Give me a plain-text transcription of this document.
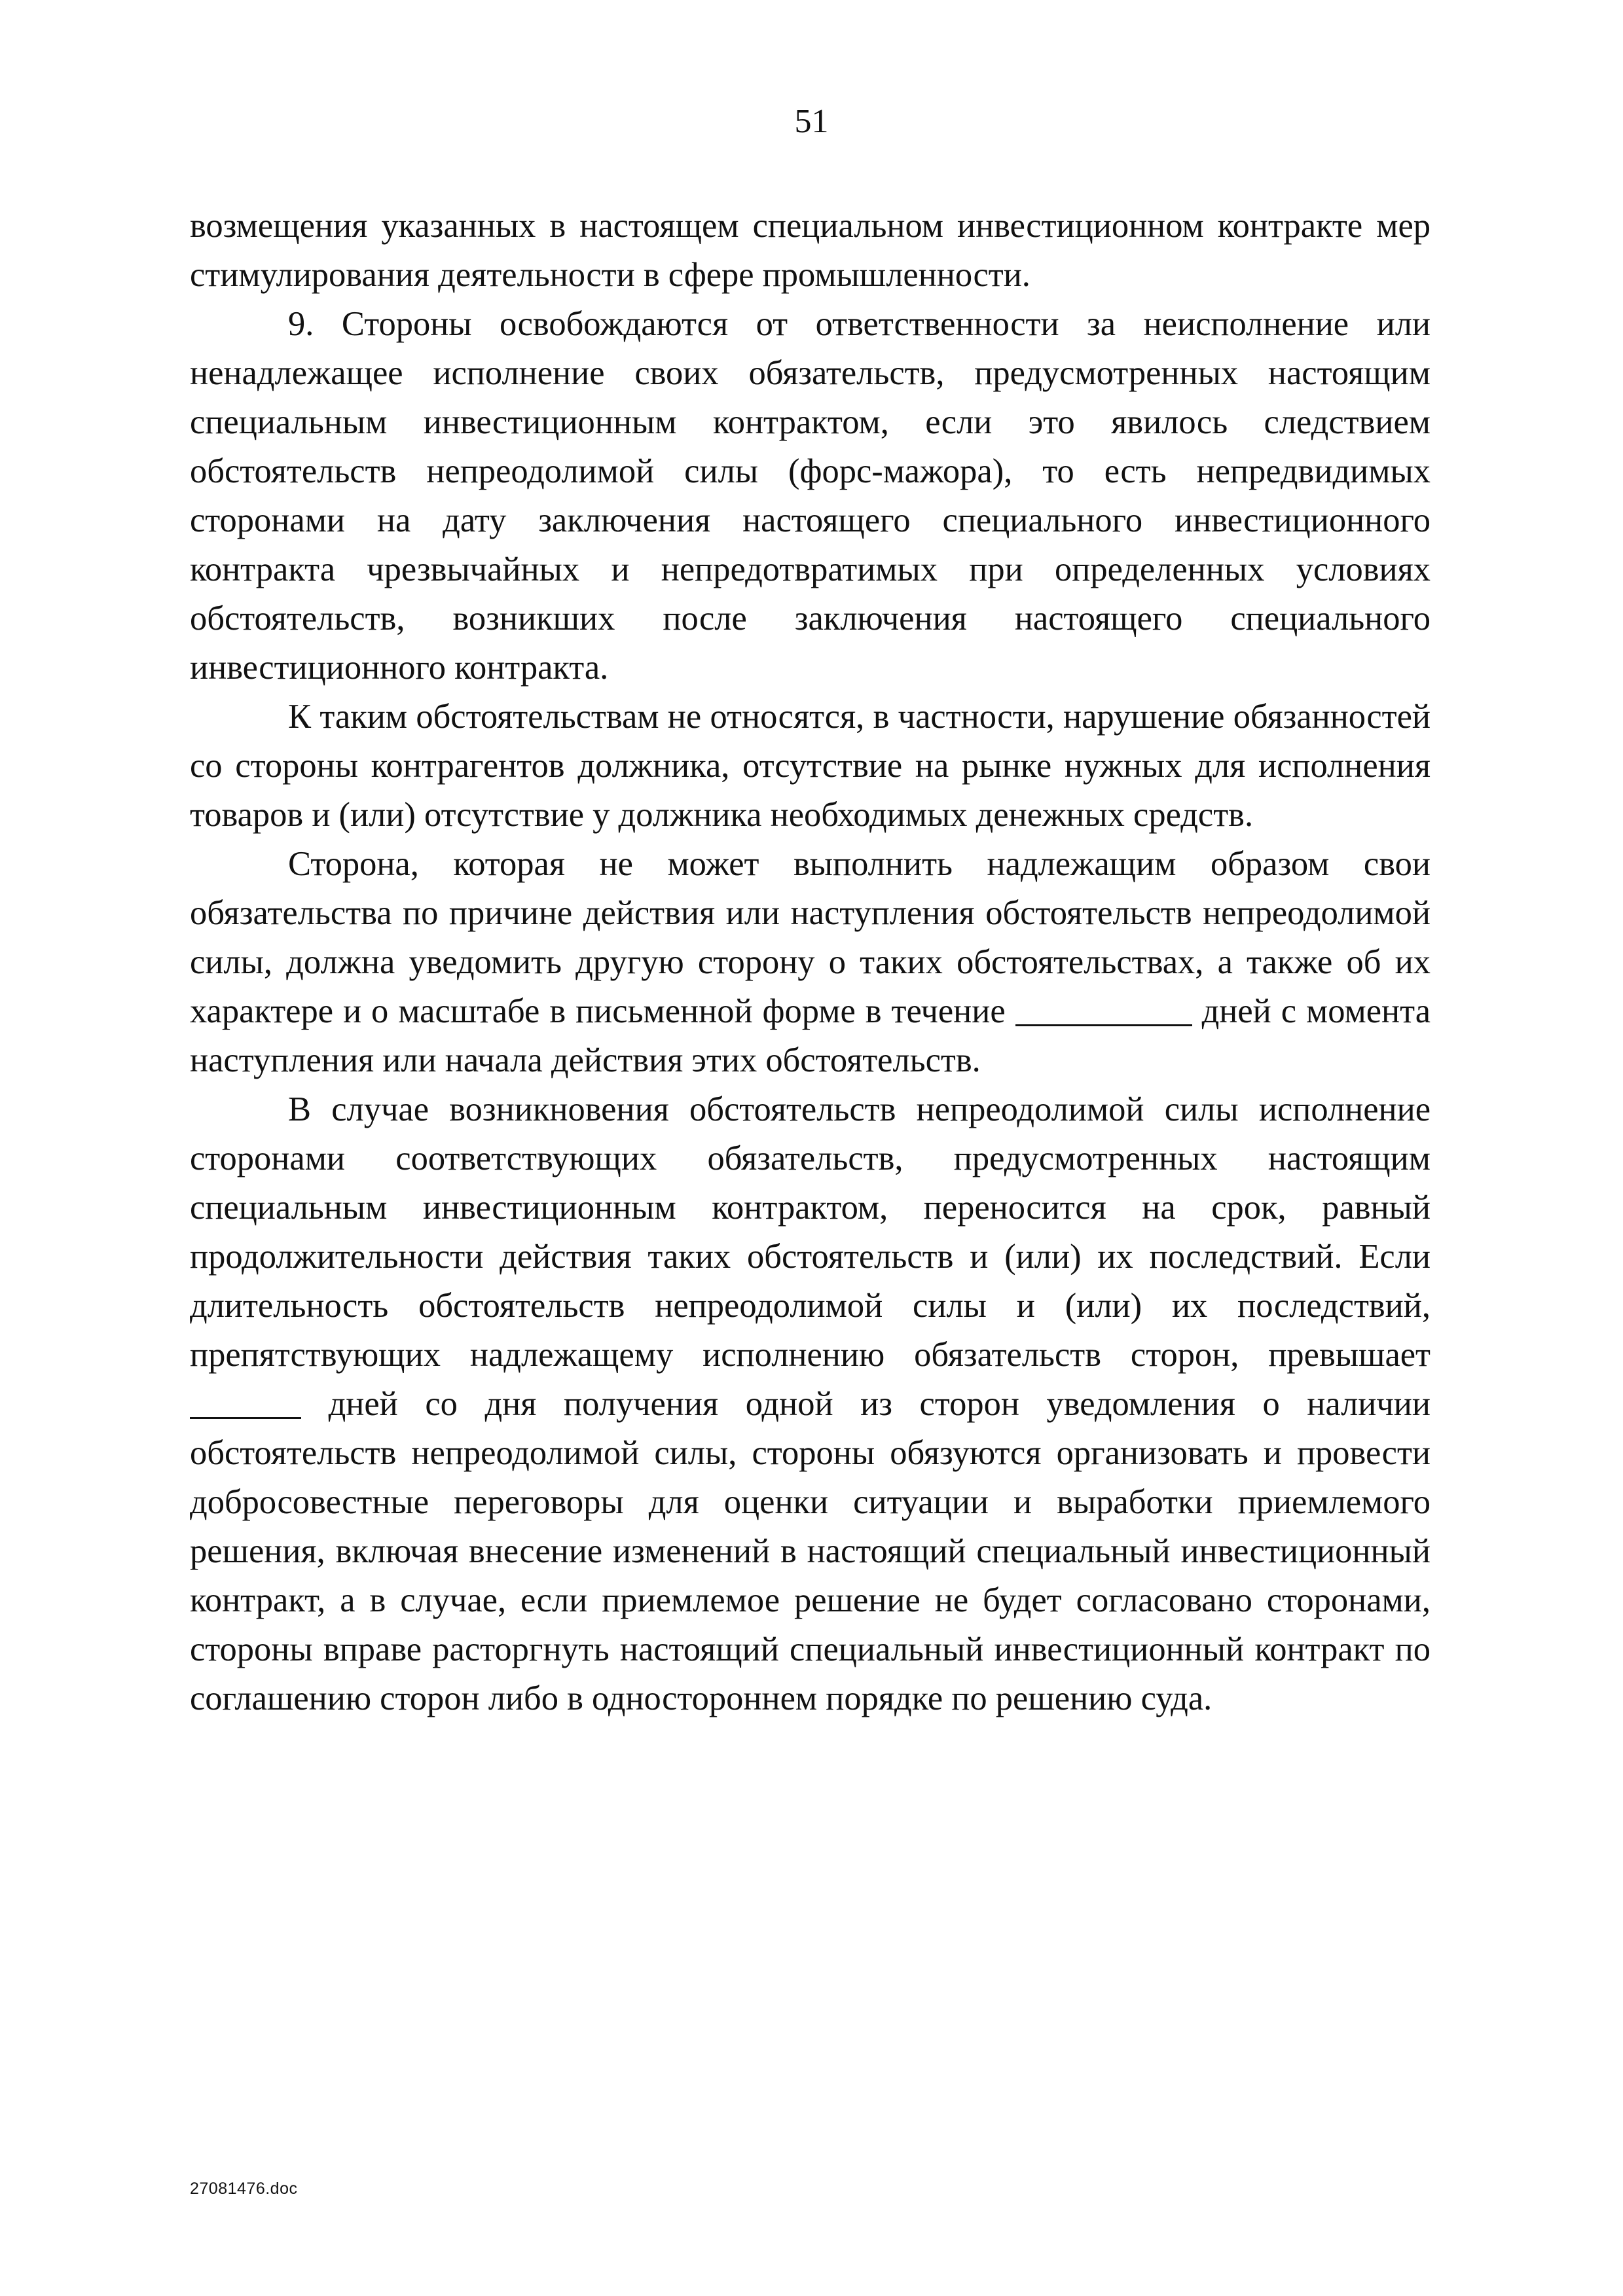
51

возмещения указанных в настоящем специальном инвестиционном контракте мер стимулирования деятельности в сфере промышленности.

9. Стороны освобождаются от ответственности за неисполнение или ненадлежащее исполнение своих обязательств, предусмотренных настоящим специальным инвестиционным контрактом, если это явилось следствием обстоятельств непреодолимой силы (форс-мажора), то есть непредвидимых сторонами на дату заключения настоящего специального инвестиционного контракта чрезвычайных и непредотвратимых при определенных условиях обстоятельств, возникших после заключения настоящего специального инвестиционного контракта.

К таким обстоятельствам не относятся, в частности, нарушение обязанностей со стороны контрагентов должника, отсутствие на рынке нужных для исполнения товаров и (или) отсутствие у должника необходимых денежных средств.

Сторона, которая не может выполнить надлежащим образом свои обязательства по причине действия или наступления обстоятельств непреодолимой силы, должна уведомить другую сторону о таких обстоятельствах, а также об их характере и о масштабе в письменной форме в течение	дней с момента наступления или начала действия этих обстоятельств.

В случае возникновения обстоятельств непреодолимой силы исполнение сторонами соответствующих обязательств, предусмотренных настоящим специальным инвестиционным контрактом, переносится на срок, равный продолжительности действия таких обстоятельств и (или) их последствий. Если длительность обстоятельств непреодолимой силы и (или) их последствий, препятствующих надлежащему исполнению обязательств сторон, превышает  дней со дня получения одной из сторон уведомления о наличии обстоятельств непреодолимой силы, стороны обязуются организовать и провести добросовестные переговоры для оценки ситуации и выработки приемлемого решения, включая внесение изменений в настоящий специальный инвестиционный контракт, а в случае, если приемлемое решение не будет согласовано сторонами, стороны вправе расторгнуть настоящий специальный инвестиционный контракт по соглашению сторон либо в одностороннем порядке по решению суда.

27081476.doc
